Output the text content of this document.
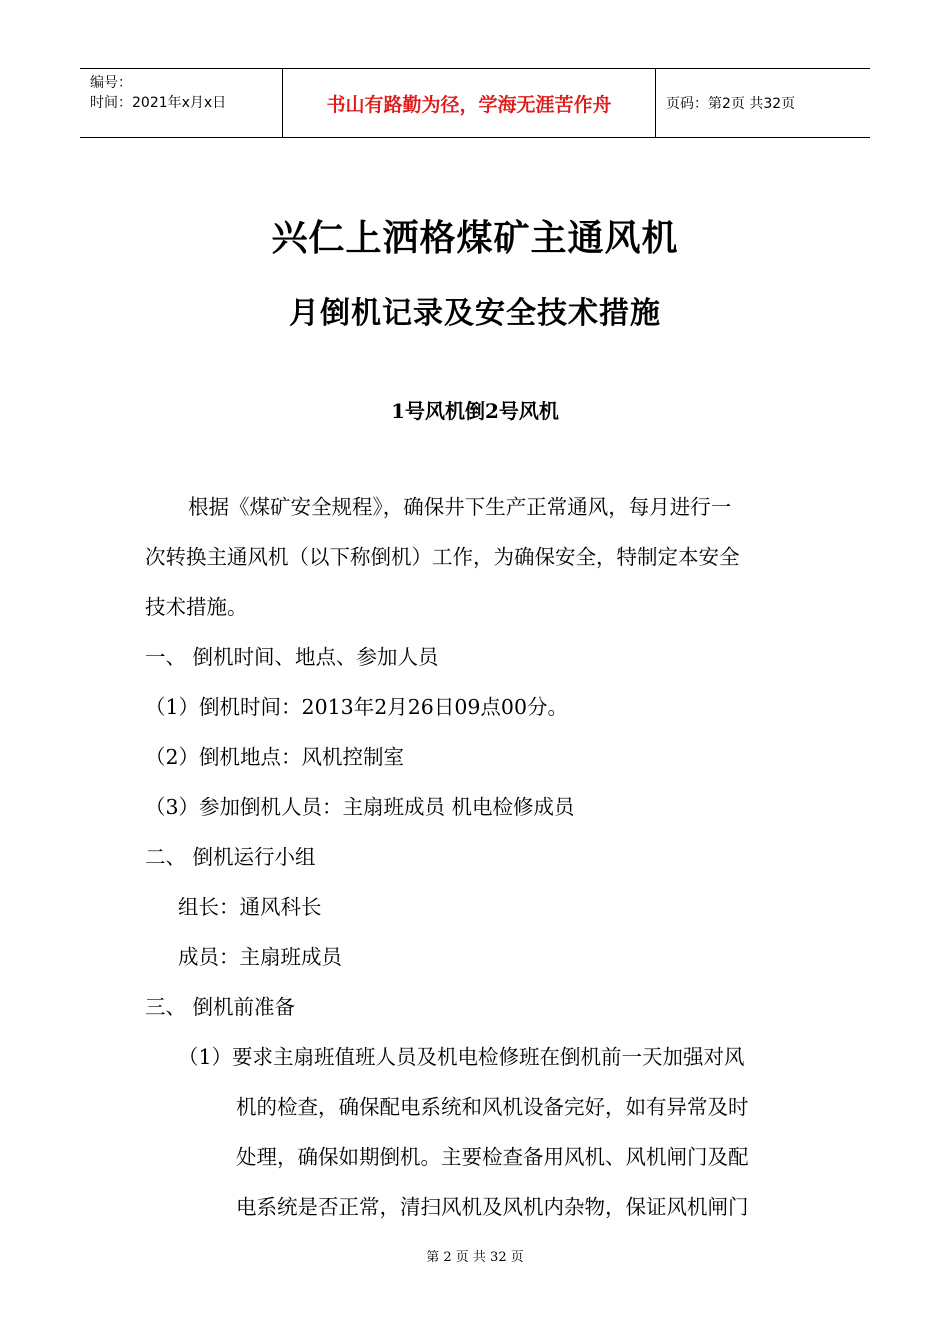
编号：
时间：2021年x月x日	书山有路勤为径，学海无涯苦作舟	页码：第2页 共32页
兴仁上洒格煤矿主通风机
月倒机记录及安全技术措施
1号风机倒2号风机
根据《煤矿安全规程》，确保井下生产正常通风，每月进行一
次转换主通风机（以下称倒机）工作，为确保安全，特制定本安全
技术措施。
一、 倒机时间、地点、参加人员
（1）倒机时间：2013年2月26日09点00分。
（2）倒机地点：风机控制室
（3）参加倒机人员：主扇班成员 机电检修成员
二、 倒机运行小组
组长：通风科长
成员：主扇班成员
三、 倒机前准备
（1）要求主扇班值班人员及机电检修班在倒机前一天加强对风
机的检查，确保配电系统和风机设备完好，如有异常及时
处理，确保如期倒机。主要检查备用风机、风机闸门及配
电系统是否正常，清扫风机及风机内杂物，保证风机闸门
第 2 页 共 32 页
